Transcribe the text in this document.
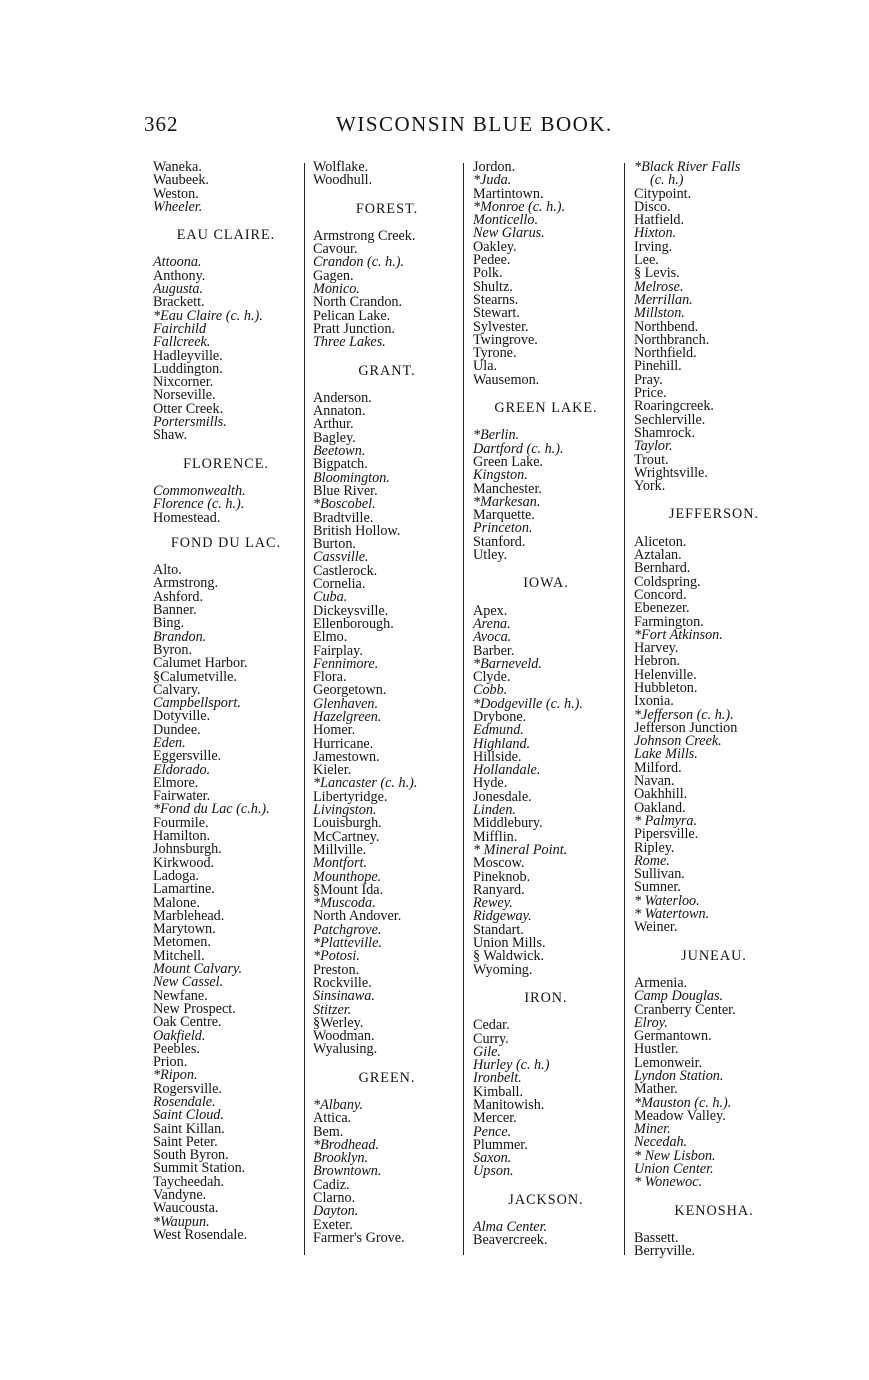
362	WISCONSIN BLUE BOOK.
Waneka.
Waubeek.
Weston.
Wheeler.
EAU CLAIRE.
Attoona.
Anthony.
Augusta.
Brackett.
*Eau Claire (c. h.).
Fairchild
Fallcreek.
Hadleyville.
Luddington.
Nixcorner.
Norseville.
Otter Creek.
Portersmills.
Shaw.
FLORENCE.
Commonwealth.
Florence (c. h.).
Homestead.
FOND DU LAC.
Alto.
Armstrong.
Ashford.
Banner.
Bing.
Brandon.
Byron.
Calumet Harbor.
§Calumetville.
Calvary.
Campbellsport.
Dotyville.
Dundee.
Eden.
Eggersville.
Eldorado.
Elmore.
Fairwater.
*Fond du Lac (c.h.).
Fourmile.
Hamilton.
Johnsburgh.
Kirkwood.
Ladoga.
Lamartine.
Malone.
Marblehead.
Marytown.
Metomen.
Mitchell.
Mount Calvary.
New Cassel.
Newfane.
New Prospect.
Oak Centre.
Oakfield.
Peebles.
Prion.
*Ripon.
Rogersville.
Rosendale.
Saint Cloud.
Saint Killan.
Saint Peter.
South Byron.
Summit Station.
Taycheedah.
Vandyne.
Waucousta.
*Waupun.
West Rosendale.
Wolflake.
Woodhull.
FOREST.
Armstrong Creek.
Cavour.
Crandon (c. h.).
Gagen.
Monico.
North Crandon.
Pelican Lake.
Pratt Junction.
Three Lakes.
GRANT.
Anderson.
Annaton.
Arthur.
Bagley.
Beetown.
Bigpatch.
Bloomington.
Blue River.
*Boscobel.
Bradtville.
British Hollow.
Burton.
Cassville.
Castlerock.
Cornelia.
Cuba.
Dickeysville.
Ellenborough.
Elmo.
Fairplay.
Fennimore.
Flora.
Georgetown.
Glenhaven.
Hazelgreen.
Homer.
Hurricane.
Jamestown.
Kieler.
*Lancaster (c. h.).
Libertyridge.
Livingston.
Louisburgh.
McCartney.
Millville.
Montfort.
Mounthope.
§Mount Ida.
*Muscoda.
North Andover.
Patchgrove.
*Platteville.
*Potosi.
Preston.
Rockville.
Sinsinawa.
Stitzer.
§Werley.
Woodman.
Wyalusing.
GREEN.
*Albany.
Attica.
Bem.
*Brodhead.
Brooklyn.
Browntown.
Cadiz.
Clarno.
Dayton.
Exeter.
Farmer's Grove.
Jordon.
*Juda.
Martintown.
*Monroe (c. h.).
Monticello.
New Glarus.
Oakley.
Pedee.
Polk.
Shultz.
Stearns.
Stewart.
Sylvester.
Twingrove.
Tyrone.
Ula.
Wausemon.
GREEN LAKE.
*Berlin.
Dartford (c. h.).
Green Lake.
Kingston.
Manchester.
*Markesan.
Marquette.
Princeton.
Stanford.
Utley.
IOWA.
Apex.
Arena.
Avoca.
Barber.
*Barneveld.
Clyde.
Cobb.
*Dodgeville (c. h.).
Drybone.
Edmund.
Highland.
Hillside.
Hollandale.
Hyde.
Jonesdale.
Linden.
Middlebury.
Mifflin.
* Mineral Point.
Moscow.
Pineknob.
Ranyard.
Rewey.
Ridgeway.
Standart.
Union Mills.
§ Waldwick.
Wyoming.
IRON.
Cedar.
Curry.
Gile.
Hurley (c. h.)
Ironbelt.
Kimball.
Manitowish.
Mercer.
Pence.
Plummer.
Saxon.
Upson.
JACKSON.
Alma Center.
Beavercreek.
*Black River Falls
(c. h.)
Citypoint.
Disco.
Hatfield.
Hixton.
Irving.
Lee.
§ Levis.
Melrose.
Merrillan.
Millston.
Northbend.
Northbranch.
Northfield.
Pinehill.
Pray.
Price.
Roaringcreek.
Sechlerville.
Shamrock.
Taylor.
Trout.
Wrightsville.
York.
JEFFERSON.
Aliceton.
Aztalan.
Bernhard.
Coldspring.
Concord.
Ebenezer.
Farmington.
*Fort Atkinson.
Harvey.
Hebron.
Helenville.
Hubbleton.
Ixonia.
*Jefferson (c. h.).
Jefferson Junction
Johnson Creek.
Lake Mills.
Milford.
Navan.
Oakhhill.
Oakland.
* Palmyra.
Pipersville.
Ripley.
Rome.
Sullivan.
Sumner.
* Waterloo.
* Watertown.
Weiner.
JUNEAU.
Armenia.
Camp Douglas.
Cranberry Center.
Elroy.
Germantown.
Hustler.
Lemonweir.
Lyndon Station.
Mather.
*Mauston (c. h.).
Meadow Valley.
Miner.
Necedah.
* New Lisbon.
Union Center.
* Wonewoc.
KENOSHA.
Bassett.
Berryville.
